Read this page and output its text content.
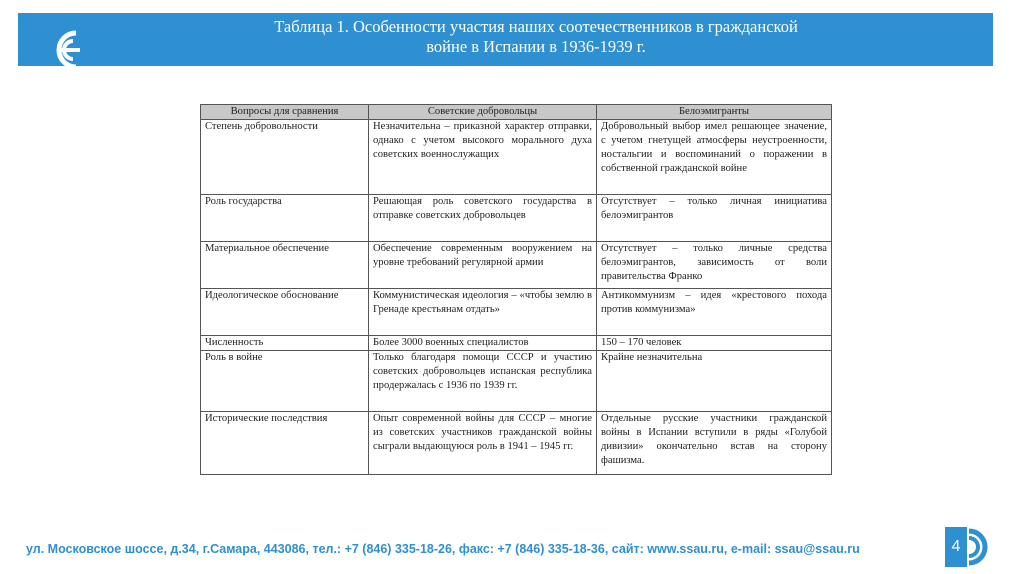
Таблица 1. Особенности участия наших соотечественников в гражданской
войне в Испании в 1936-1939 г.
Вопросы для сравнения	Советские добровольцы	Белоэмигранты
Степень добровольности	Незначительна – приказной характер отправки, однако с учетом высокого морального духа советских военнослужащих	Добровольный выбор имел решающее значение, с учетом гнетущей атмосферы неустроенности, ностальгии и воспоминаний о поражении в собственной гражданской войне
Роль государства	Решающая роль советского государства в отправке советских добровольцев	Отсутствует – только личная инициатива белоэмигрантов
Материальное обеспечение	Обеспечение современным вооружением на уровне требований регулярной армии	Отсутствует – только личные средства белоэмигрантов, зависимость от воли правительства Франко
Идеологическое обоснование	Коммунистическая идеология – «чтобы землю в Гренаде крестьянам отдать»	Антикоммунизм – идея «крестового похода против коммунизма»
Численность	Более 3000 военных специалистов	150 – 170 человек
Роль в войне	Только благодаря помощи СССР и участию советских добровольцев испанская республика продержалась с 1936 по 1939 гг.	Крайне незначительна
Исторические последствия	Опыт современной войны для СССР – многие из советских участников гражданской войны сыграли выдающуюся роль в 1941 – 1945 гг.	Отдельные русские участники гражданской войны в Испании вступили в ряды «Голубой дивизии» окончательно встав на сторону фашизма.
ул. Московское шоссе, д.34, г.Самара, 443086, тел.: +7 (846) 335-18-26, факс: +7 (846) 335-18-36, сайт: www.ssau.ru, e-mail: ssau@ssau.ru	4
